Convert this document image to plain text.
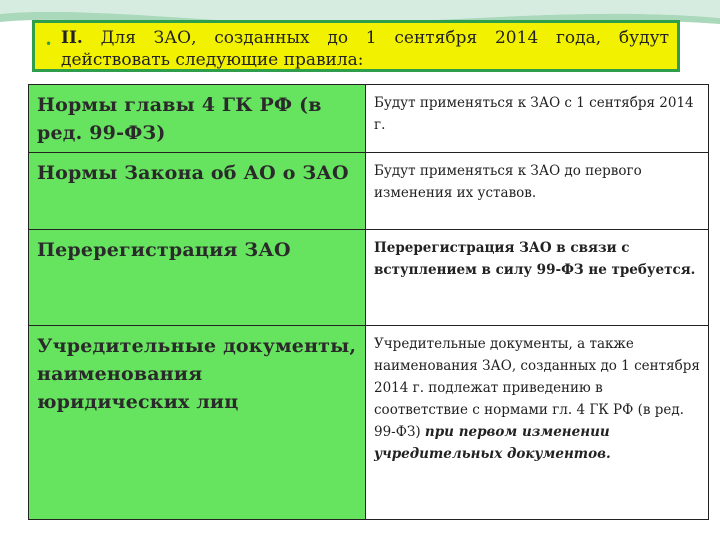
• II. Для ЗАО, созданных до 1 сентября 2014 года, будут
действовать следующие правила:
Нормы главы 4 ГК РФ (в ред. 99-ФЗ)
Будут применяться к ЗАО с 1 сентября 2014 г.
Нормы Закона об АО о ЗАО	Будут применяться к ЗАО до первого изменения их уставов.
Перерегистрация ЗАО	Перерегистрация ЗАО в связи с вступлением в силу 99-ФЗ не требуется.
Учредительные документы, наименования юридических лиц
Учредительные документы, а также наименования ЗАО, созданных до 1 сентября 2014 г. подлежат приведению в соответствие с нормами гл. 4 ГК РФ (в ред. 99-ФЗ) при первом изменении учредительных документов.
